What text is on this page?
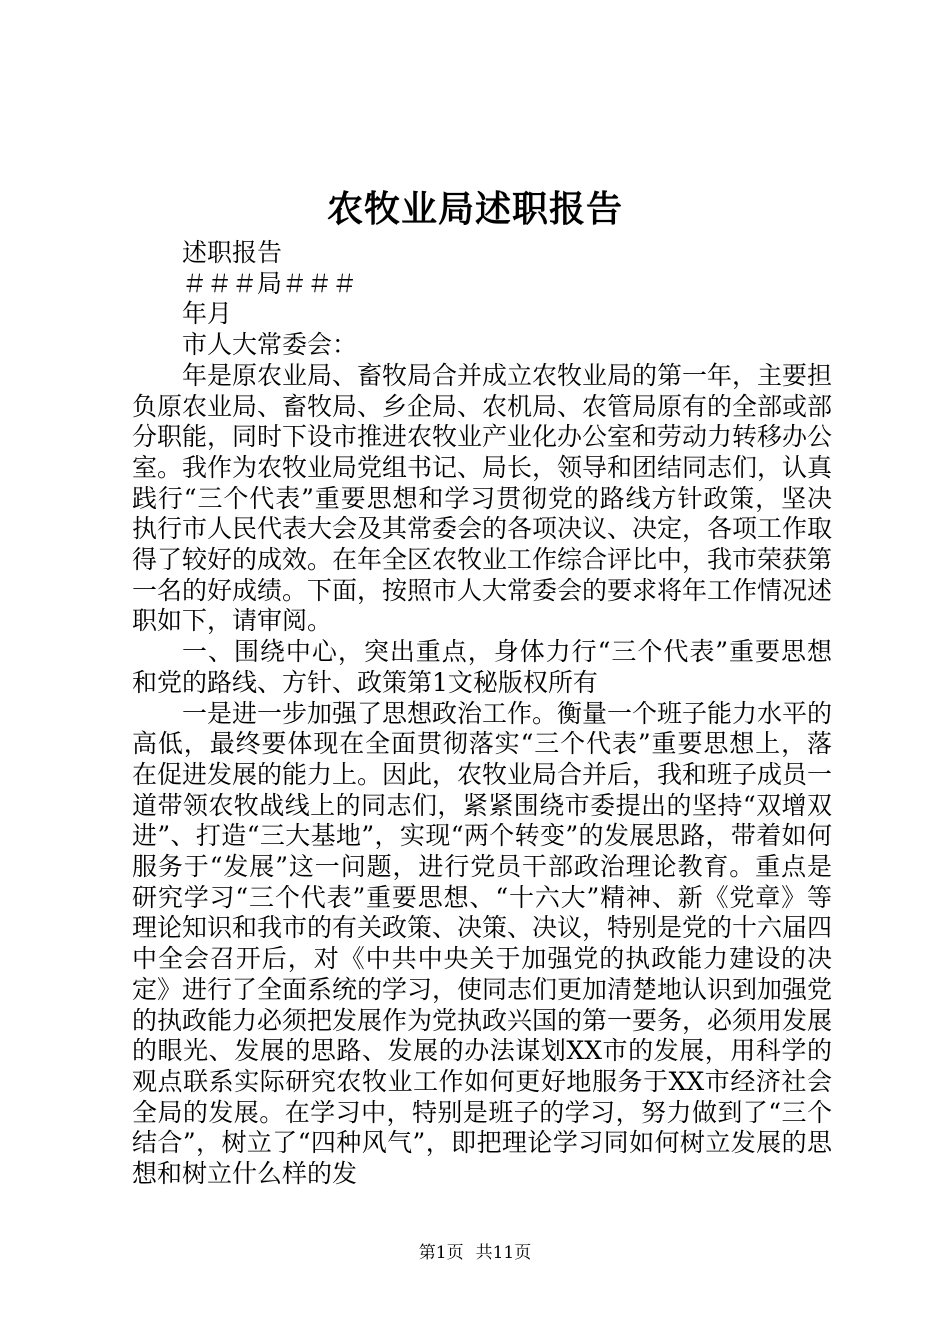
农牧业局述职报告

述职报告

＃＃＃局＃＃＃

年月

市人大常委会：

年是原农业局、畜牧局合并成立农牧业局的第一年，主要担负原农业局、畜牧局、乡企局、农机局、农管局原有的全部或部分职能，同时下设市推进农牧业产业化办公室和劳动力转移办公室。我作为农牧业局党组书记、局长，领导和团结同志们，认真践行“三个代表”重要思想和学习贯彻党的路线方针政策，坚决执行市人民代表大会及其常委会的各项决议、决定，各项工作取得了较好的成效。在年全区农牧业工作综合评比中，我市荣获第一名的好成绩。下面，按照市人大常委会的要求将年工作情况述职如下，请审阅。

一、围绕中心，突出重点，身体力行“三个代表”重要思想和党的路线、方针、政策第1文秘版权所有

一是进一步加强了思想政治工作。衡量一个班子能力水平的高低，最终要体现在全面贯彻落实“三个代表”重要思想上，落在促进发展的能力上。因此，农牧业局合并后，我和班子成员一道带领农牧战线上的同志们，紧紧围绕市委提出的坚持“双增双进”、打造“三大基地”，实现“两个转变”的发展思路，带着如何服务于“发展”这一问题，进行党员干部政治理论教育。重点是研究学习“三个代表”重要思想、“十六大”精神、新《党章》等理论知识和我市的有关政策、决策、决议，特别是党的十六届四中全会召开后，对《中共中央关于加强党的执政能力建设的决定》进行了全面系统的学习，使同志们更加清楚地认识到加强党的执政能力必须把发展作为党执政兴国的第一要务，必须用发展的眼光、发展的思路、发展的办法谋划XX市的发展，用科学的观点联系实际研究农牧业工作如何更好地服务于XX市经济社会全局的发展。在学习中，特别是班子的学习，努力做到了“三个结合”，树立了“四种风气”，即把理论学习同如何树立发展的思想和树立什么样的发

第1页 共11页
